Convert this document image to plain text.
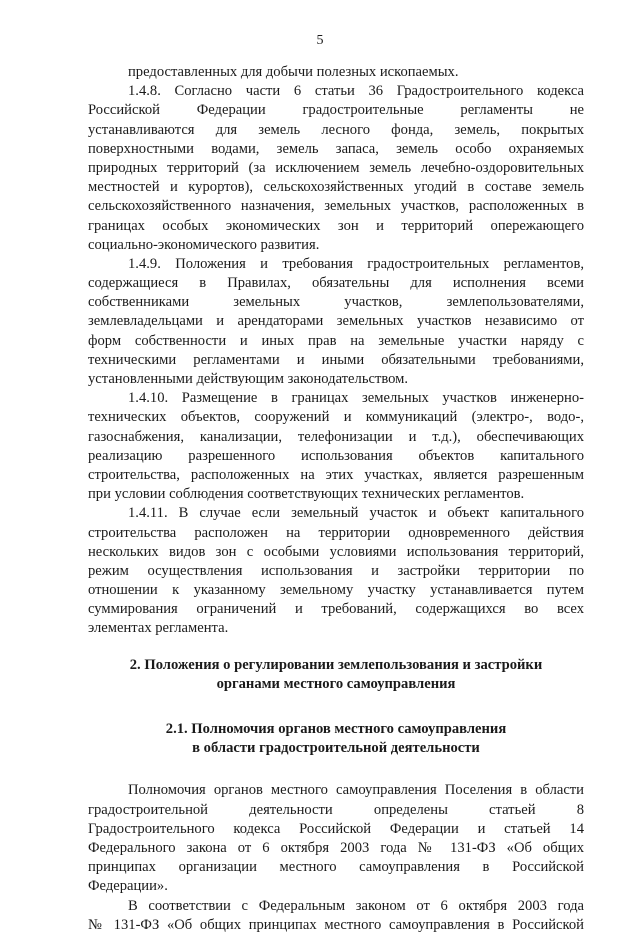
5
предоставленных для добычи полезных ископаемых.
1.4.8. Согласно части 6 статьи 36 Градостроительного кодекса
Российской Федерации градостроительные регламенты не
устанавливаются для земель лесного фонда, земель, покрытых
поверхностными водами, земель запаса, земель особо охраняемых
природных территорий (за исключением земель лечебно-оздоровительных
местностей и курортов), сельскохозяйственных угодий в составе земель
сельскохозяйственного назначения, земельных участков, расположенных в
границах особых экономических зон и территорий опережающего
социально-экономического развития.
1.4.9. Положения и требования градостроительных регламентов,
содержащиеся в Правилах, обязательны для исполнения всеми
собственниками земельных участков, землепользователями,
землевладельцами и арендаторами земельных участков независимо от
форм собственности и иных прав на земельные участки наряду с
техническими регламентами и иными обязательными требованиями,
установленными действующим законодательством.
1.4.10. Размещение в границах земельных участков инженерно-
технических объектов, сооружений и коммуникаций (электро-, водо-,
газоснабжения, канализации, телефонизации и т.д.), обеспечивающих
реализацию разрешенного использования объектов капитального
строительства, расположенных на этих участках, является разрешенным
при условии соблюдения соответствующих технических регламентов.
1.4.11. В случае если земельный участок и объект капитального
строительства расположен на территории одновременного действия
нескольких видов зон с особыми условиями использования территорий,
режим осуществления использования и застройки территории по
отношении к указанному земельному участку устанавливается путем
суммирования ограничений и требований, содержащихся во всех
элементах регламента.
2. Положения о регулировании землепользования и застройки
органами местного самоуправления
2.1. Полномочия органов местного самоуправления
в области градостроительной деятельности
Полномочия органов местного самоуправления Поселения в области
градостроительной деятельности определены статьей 8
Градостроительного кодекса Российской Федерации и статьей 14
Федерального закона от 6 октября 2003 года № 131-ФЗ «Об общих
принципах организации местного самоуправления в Российской
Федерации».
В соответствии с Федеральным законом от 6 октября 2003 года
№ 131-ФЗ «Об общих принципах местного самоуправления в Российской
